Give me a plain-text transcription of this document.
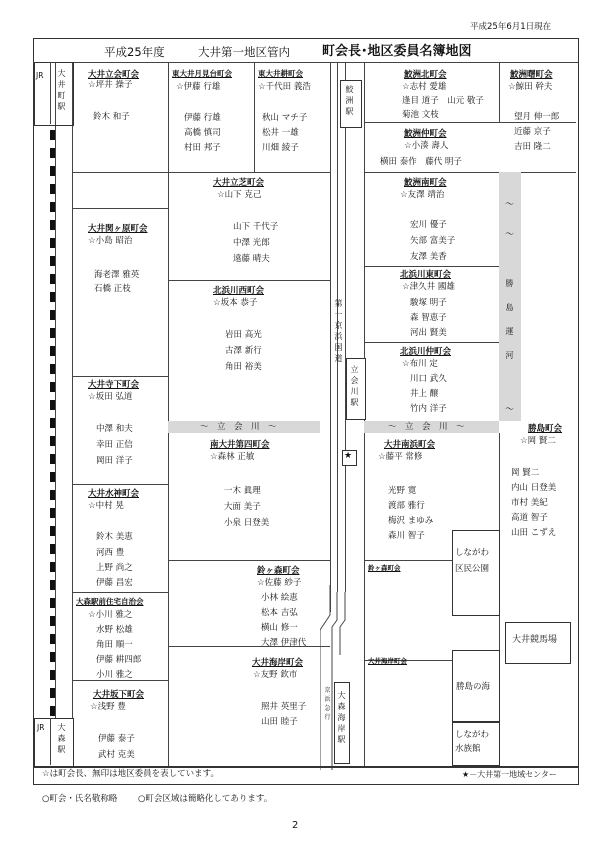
平成25年6月1日現在
平成25年度	大井第一地区管内 町会長･地区委員名簿地図
JR 大井町駅
JR 大森駅
鮫洲駅
第一京浜国道
立会川駅
★
京浜急行
大森海岸駅
～　立　会　川　～	～　立　会　川　～
勝島運河
～
～
～
しながわ区民公園
勝島の海
しながわ水族館
大井競馬場
大井立会町会
☆坪井 操子
鈴木 和子
大井関ヶ原町会
☆小島 昭治
海老澤 雅英
石橋 正枝
大井寺下町会
☆坂田 弘道
中澤 和夫
幸田 正信
岡田 洋子
大井水神町会
☆中村 晃
鈴木 美恵
河西 豊
上野 尚之
伊藤 昌宏
大森駅前住宅自治会
☆小川 雅之
水野 松雄
角田 順一
伊藤 耕四郎
小川 雅之
大井坂下町会
☆浅野 豊
伊藤 泰子
武村 克美
東大井月見台町会
☆伊藤 行雄
伊藤 行雄
高橋 慎司
村田 邦子
東大井耕町会
☆千代田 義浩
秋山 マチ子
松井 一雄
川畑 綾子
大井立芝町会
☆山下 克己
山下 千代子
中澤 光郎
遠藤 晴夫
北浜川西町会
☆坂本 恭子
岩田 高光
古澤 新行
角田 裕美
南大井第四町会
☆森林 正敏
一木 眞理
大面 美子
小泉 日登美
鈴ヶ森町会
☆佐藤 紗子
小林 絵恵
松本 吉弘
横山 修一
大澤 伊津代
大井海岸町会
☆友野 欽市
照井 英里子
山田 睦子
鮫洲北町会
☆志村 愛雄
逢目 道子　山元 敬子
菊池 文枝
鮫洲仲町会
☆小湊 壽人
横田 泰作　藤代 明子
鮫洲南町会
☆友澤 靖治
宏川 優子
矢部 富美子
友澤 美香
北浜川東町会
☆津久井 國雄
駿塚 明子
森 智恵子
河出 賢美
北浜川仲町会
☆布川 定
川口 武久
井上 醸
竹内 洋子
大井南浜町会
☆藤平 常修
光野 寛
渡部 雅行
梅沢 まゆみ
森川 智子
鈴ヶ森町会
大井海岸町会
鮫洲曙町会
☆鯨田 幹夫
望月 伸一郎
近藤 京子
吉田 隆二
勝島町会
☆岡 賢二
岡 賢二
内山 日登美
市村 美紀
高道 智子
山田 こずえ
☆は町会長、無印は地区委員を表しています。	★－大井第一地域センター
○町会・氏名敬称略 ○町会区域は簡略化してあります。
2
